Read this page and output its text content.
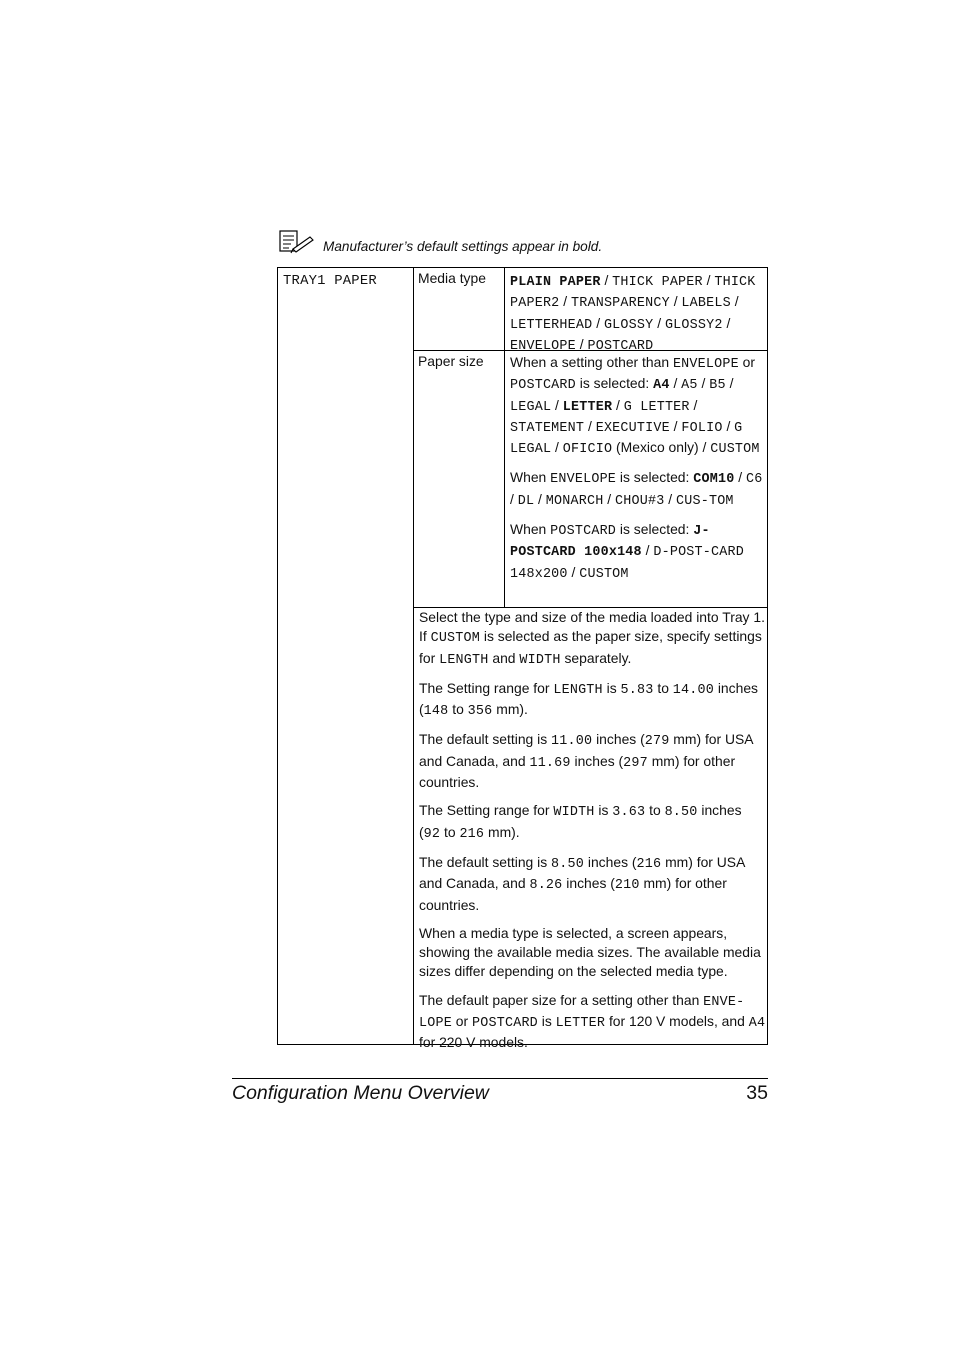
Manufacturer’s default settings appear in bold.
TRAY1 PAPER	Media type PLAIN PAPER / THICK PAPER / THICK PAPER2 / TRANSPARENCY / LABELS / LETTERHEAD / GLOSSY / GLOSSY2 / ENVELOPE / POSTCARD

Paper size When a setting other than ENVELOPE or POSTCARD is selected: A4 / A5 / B5 / LEGAL / LETTER / G LETTER / STATEMENT / EXECUTIVE / FOLIO / G LEGAL / OFICIO (Mexico only) / CUSTOM

When ENVELOPE is selected: COM10 / C6 / DL / MONARCH / CHOU#3 / CUS-TOM

When POSTCARD is selected: J-POSTCARD 100x148 / D-POST-CARD 148x200 / CUSTOM

Select the type and size of the media loaded into Tray 1. If CUSTOM is selected as the paper size, specify settings for LENGTH and WIDTH separately.

The Setting range for LENGTH is 5.83 to 14.00 inches (148 to 356 mm).

The default setting is 11.00 inches (279 mm) for USA and Canada, and 11.69 inches (297 mm) for other countries.

The Setting range for WIDTH is 3.63 to 8.50 inches (92 to 216 mm).

The default setting is 8.50 inches (216 mm) for USA and Canada, and 8.26 inches (210 mm) for other countries.

When a media type is selected, a screen appears, showing the available media sizes. The available media sizes differ depending on the selected media type.

The default paper size for a setting other than ENVE-LOPE or POSTCARD is LETTER for 120 V models, and A4 for 220 V models.

Configuration Menu Overview	35
